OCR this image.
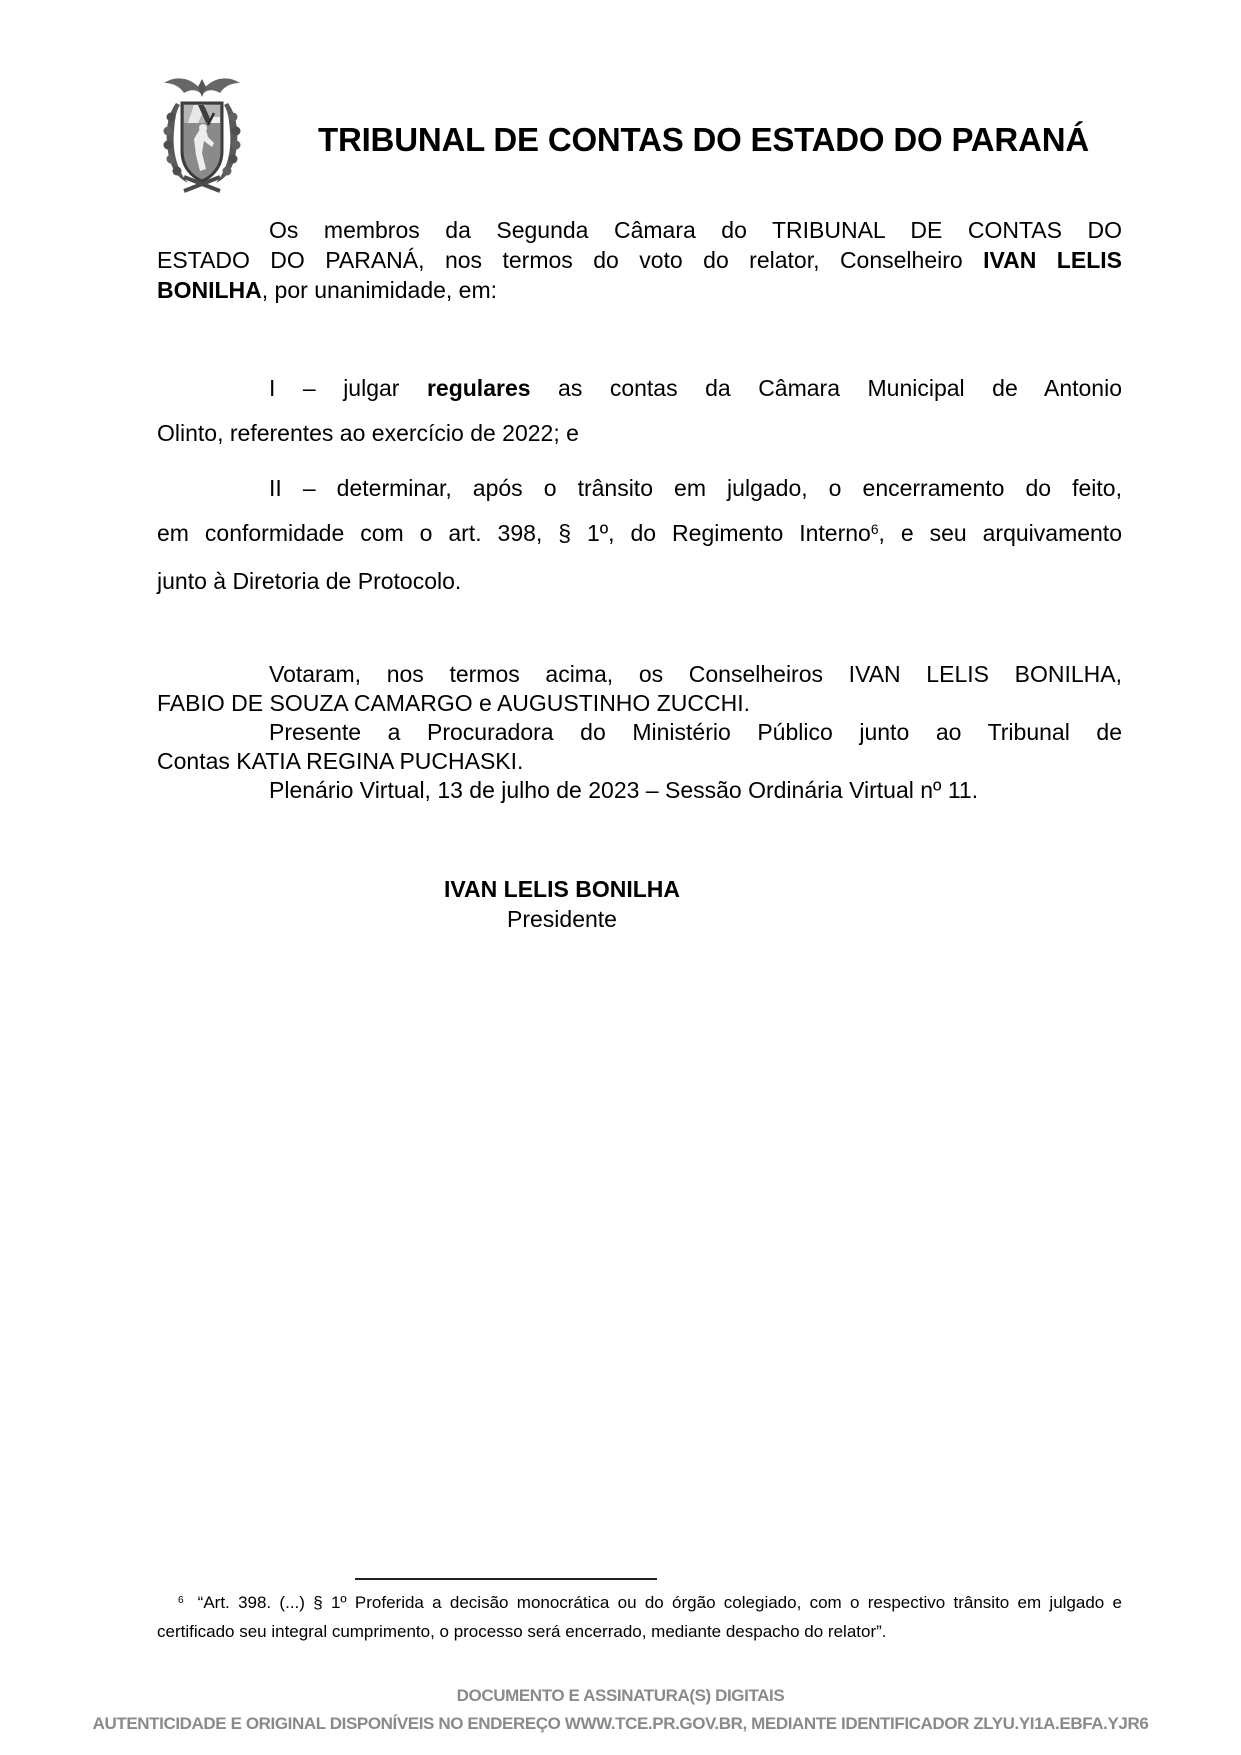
TRIBUNAL DE CONTAS DO ESTADO DO PARANÁ
Os membros da Segunda Câmara do TRIBUNAL DE CONTAS DO
ESTADO DO PARANÁ, nos termos do voto do relator, Conselheiro IVAN LELIS
BONILHA, por unanimidade, em:
I – julgar regulares as contas da Câmara Municipal de Antonio
Olinto, referentes ao exercício de 2022; e
II – determinar, após o trânsito em julgado, o encerramento do feito,
em conformidade com o art. 398, § 1º, do Regimento Interno$^6$, e seu arquivamento
junto à Diretoria de Protocolo.
Votaram, nos termos acima, os Conselheiros IVAN LELIS BONILHA,
FABIO DE SOUZA CAMARGO e AUGUSTINHO ZUCCHI.
Presente a Procuradora do Ministério Público junto ao Tribunal de
Contas KATIA REGINA PUCHASKI.
Plenário Virtual, 13 de julho de 2023 – Sessão Ordinária Virtual nº 11.
IVAN LELIS BONILHA
Presidente
$^6$ “Art. 398. (...) § 1º Proferida a decisão monocrática ou do órgão colegiado, com o respectivo trânsito em julgado e
certificado seu integral cumprimento, o processo será encerrado, mediante despacho do relator”.
DOCUMENTO E ASSINATURA(S) DIGITAIS
AUTENTICIDADE E ORIGINAL DISPONÍVEIS NO ENDEREÇO WWW.TCE.PR.GOV.BR, MEDIANTE IDENTIFICADOR ZLYU.YI1A.EBFA.YJR6
